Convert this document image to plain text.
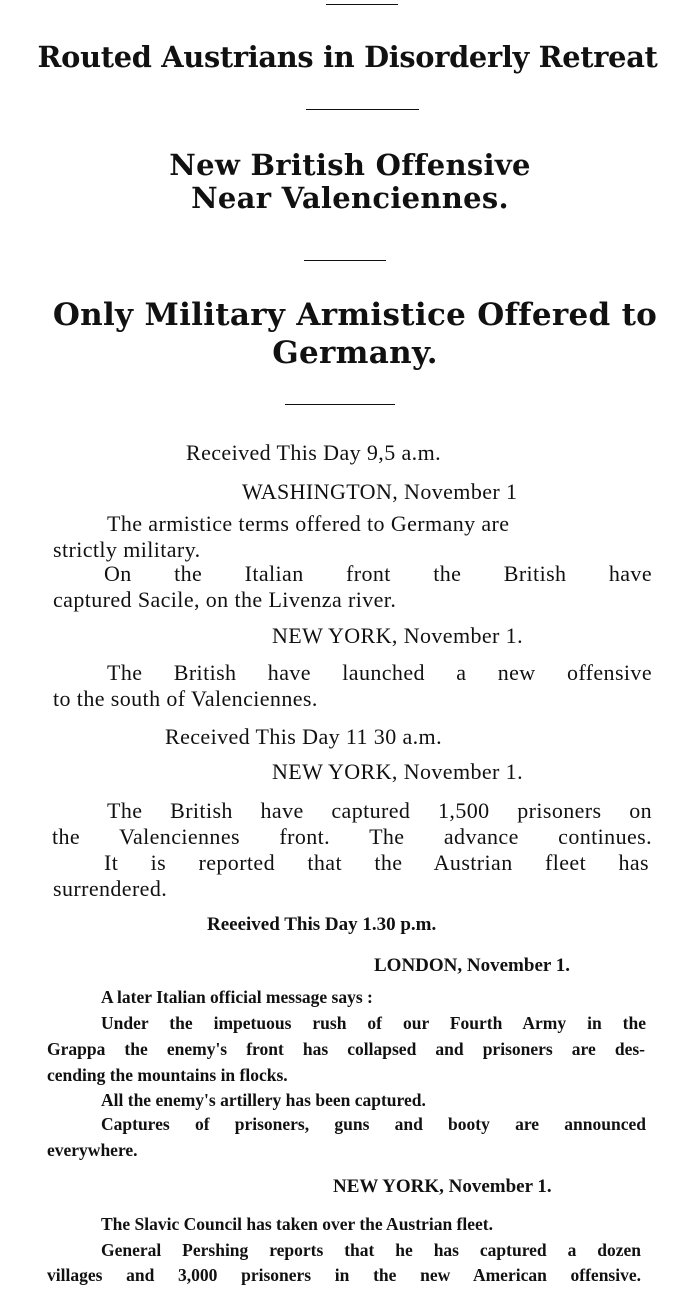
Routed Austrians in Disorderly Retreat
New British Offensive Near Valenciennes.
Only Military Armistice Offered to Germany.
Received This Day 9,5 a.m.
WASHINGTON, November 1
The armistice terms offered to Germany are
strictly military.
On the Italian front the British have
captured Sacile, on the Livenza river.
NEW YORK, November 1.
The British have launched a new offensive
to the south of Valenciennes.
Received This Day 11 30 a.m.
NEW YORK, November 1.
The British have captured 1,500 prisoners on
the Valenciennes front. The advance continues.
It is reported that the Austrian fleet has
surrendered.
Reeeived This Day 1.30 p.m.
LONDON, November 1.
A later Italian official message says :
Under the impetuous rush of our Fourth Army in the
Grappa the enemy's front has collapsed and prisoners are des-
cending the mountains in flocks.
All the enemy's artillery has been captured.
Captures of prisoners, guns and booty are announced
everywhere.
NEW YORK, November 1.
The Slavic Council has taken over the Austrian fleet.
General Pershing reports that he has captured a dozen
villages and 3,000 prisoners in the new American offensive.
